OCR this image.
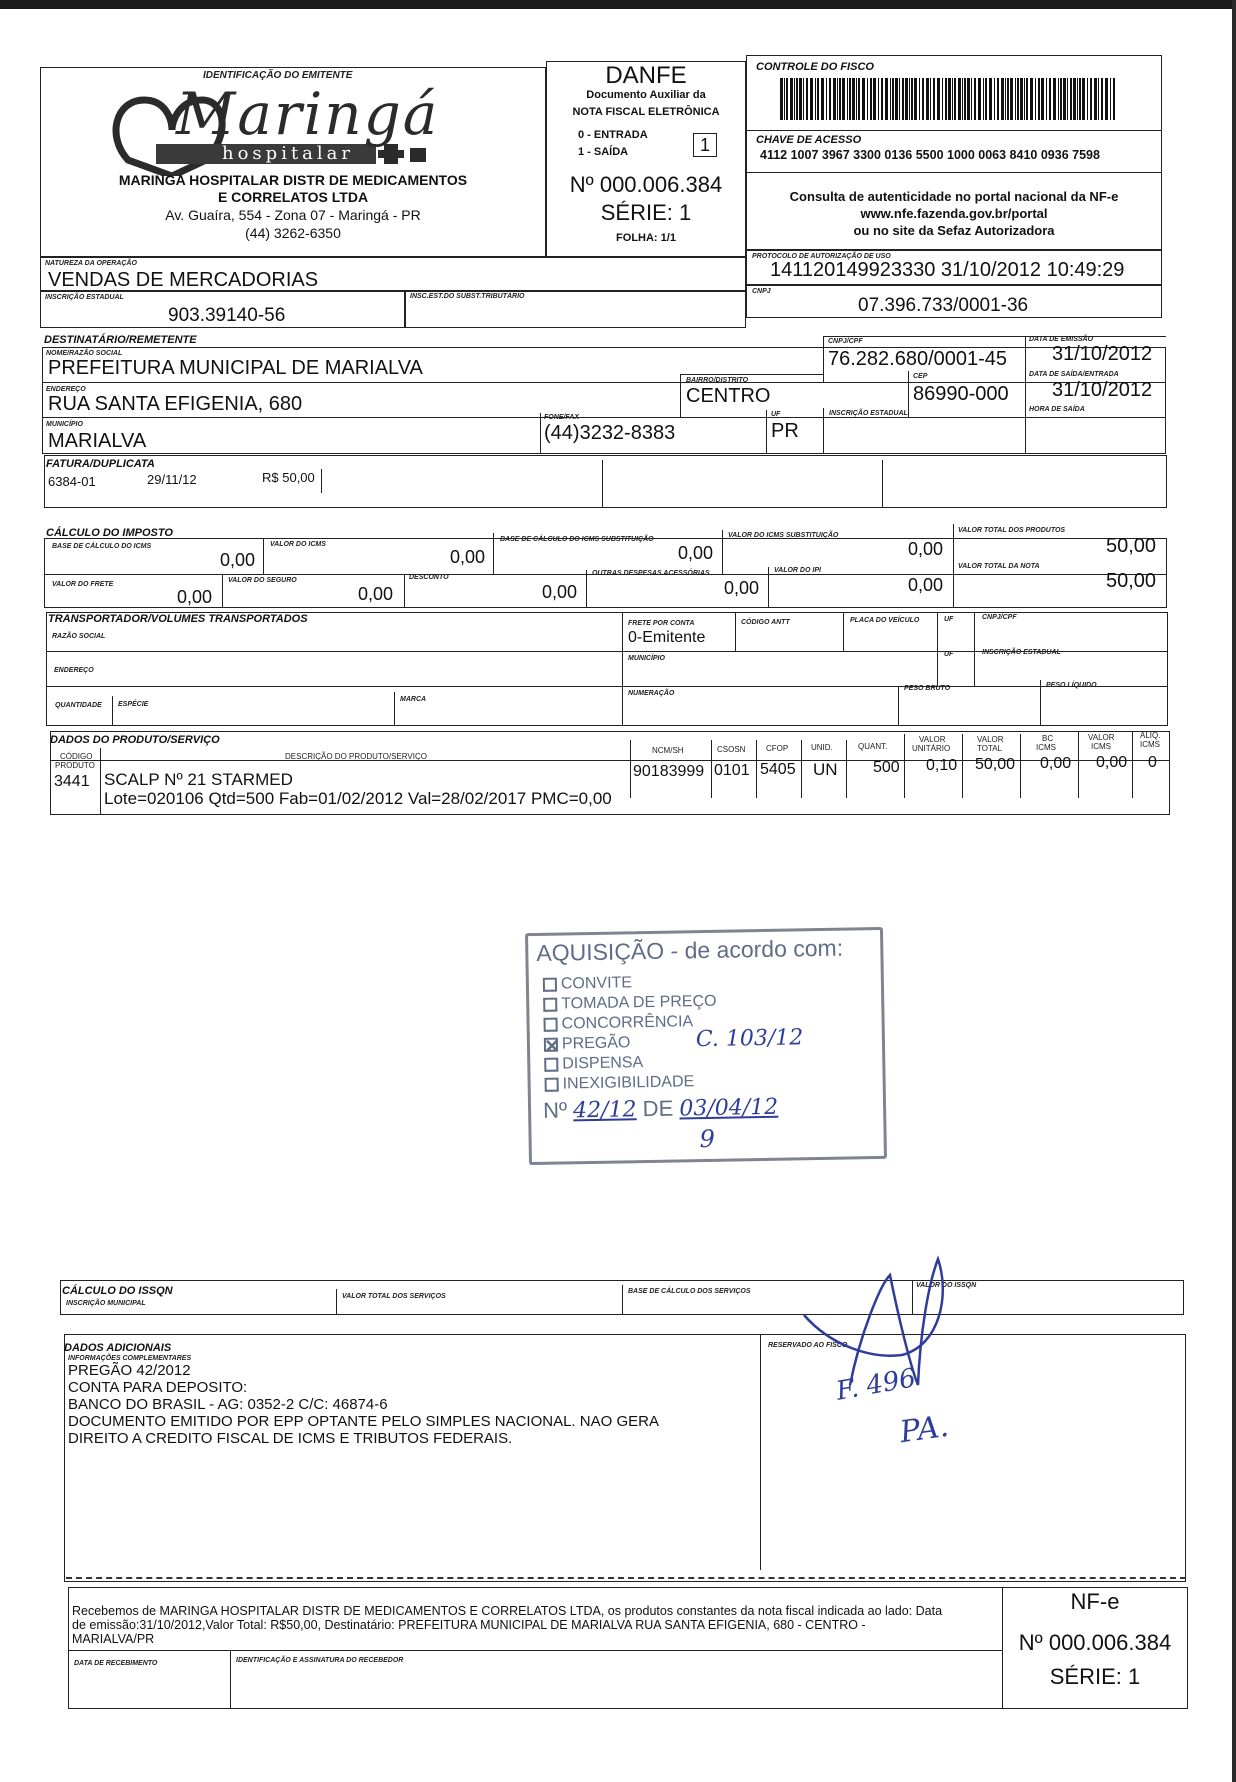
IDENTIFICAÇÃO DO EMITENTE
Maringá
hospitalar
MARINGA HOSPITALAR DISTR DE MEDICAMENTOS
E CORRELATOS LTDA
Av. Guaíra, 554 - Zona 07 - Maringá - PR
(44) 3262-6350
DANFE
Documento Auxiliar da
NOTA FISCAL ELETRÔNICA
0 - ENTRADA
1 - SAÍDA	1
Nº 000.006.384
SÉRIE: 1
FOLHA: 1/1
CONTROLE DO FISCO
CHAVE DE ACESSO
4112 1007 3967 3300 0136 5500 1000 0063 8410 0936 7598
Consulta de autenticidade no portal nacional da NF-e
www.nfe.fazenda.gov.br/portal
ou no site da Sefaz Autorizadora
NATUREZA DA OPERAÇÃO
VENDAS DE MERCADORIAS
PROTOCOLO DE AUTORIZAÇÃO DE USO
141120149923330 31/10/2012 10:49:29
INSCRIÇÃO ESTADUAL
903.39140-56
INSC.EST.DO SUBST.TRIBUTÁRIO
CNPJ
07.396.733/0001-36
DESTINATÁRIO/REMETENTE
NOME/RAZÃO SOCIAL
PREFEITURA MUNICIPAL DE MARIALVA
CNPJ/CPF
76.282.680/0001-45
DATA DE EMISSÃO
31/10/2012
ENDEREÇO
RUA SANTA EFIGENIA, 680
BAIRRO/DISTRITO
CENTRO
CEP
86990-000
DATA DE SAÍDA/ENTRADA
31/10/2012
MUNICÍPIO
MARIALVA
FONE/FAX
(44)3232-8383
UF
PR
INSCRIÇÃO ESTADUAL
HORA DE SAÍDA
FATURA/DUPLICATA
6384-01	29/11/12	R$ 50,00
CÁLCULO DO IMPOSTO
BASE DE CÁLCULO DO ICMS
0,00
VALOR DO ICMS
0,00
BASE DE CÁLCULO DO ICMS SUBSTITUIÇÃO
0,00
VALOR DO ICMS SUBSTITUIÇÃO
0,00
VALOR TOTAL DOS PRODUTOS
50,00
VALOR DO FRETE
0,00
VALOR DO SEGURO
0,00
DESCONTO
0,00
OUTRAS DESPESAS ACESSÓRIAS
0,00
VALOR DO IPI
0,00
VALOR TOTAL DA NOTA
50,00
TRANSPORTADOR/VOLUMES TRANSPORTADOS
RAZÃO SOCIAL
FRETE POR CONTA
0-Emitente
CÓDIGO ANTT	PLACA DO VEÍCULO	UF	CNPJ/CPF
ENDEREÇO
MUNICÍPIO
UF	INSCRIÇÃO ESTADUAL
QUANTIDADE ESPÉCIE
MARCA
NUMERAÇÃO
PESO BRUTO	PESO LÍQUIDO
DADOS DO PRODUTO/SERVIÇO
CÓDIGO
PRODUTO
DESCRIÇÃO DO PRODUTO/SERVIÇO
NCM/SH	CSOSN	CFOP	UNID.	QUANT.
VALOR
UNITÁRIO
VALOR
TOTAL
BC
ICMS
VALOR
ICMS
ALIQ.
ICMS
3441 SCALP Nº 21 STARMED
Lote=020106 Qtd=500 Fab=01/02/2012 Val=28/02/2017 PMC=0,00
90183999 0101 5405 UN 500 0,10 50,00 0,00 0,00 0
AQUISIÇÃO - de acordo com:
CONVITE
TOMADA DE PREÇO
CONCORRÊNCIA
PREGÃO	C. 103/12
DISPENSA
INEXIGIBILIDADE
Nº 42/12 DE 03/04/12
9
CÁLCULO DO ISSQN
INSCRIÇÃO MUNICIPAL
VALOR TOTAL DOS SERVIÇOS
BASE DE CÁLCULO DOS SERVIÇOS
VALOR DO ISSQN
DADOS ADICIONAIS
INFORMAÇÕES COMPLEMENTARES
PREGÃO 42/2012
CONTA PARA DEPOSITO:
BANCO DO BRASIL - AG: 0352-2 C/C: 46874-6
DOCUMENTO EMITIDO POR EPP OPTANTE PELO SIMPLES NACIONAL. NAO GERA
DIREITO A CREDITO FISCAL DE ICMS E TRIBUTOS FEDERAIS.
RESERVADO AO FISCO
F. 496
PA.
Recebemos de MARINGA HOSPITALAR DISTR DE MEDICAMENTOS E CORRELATOS LTDA, os produtos constantes da nota fiscal indicada ao lado: Data
de emissão:31/10/2012,Valor Total: R$50,00, Destinatário: PREFEITURA MUNICIPAL DE MARIALVA RUA SANTA EFIGENIA, 680 - CENTRO -
MARIALVA/PR
DATA DE RECEBIMENTO	IDENTIFICAÇÃO E ASSINATURA DO RECEBEDOR
NF-e
Nº 000.006.384
SÉRIE: 1
